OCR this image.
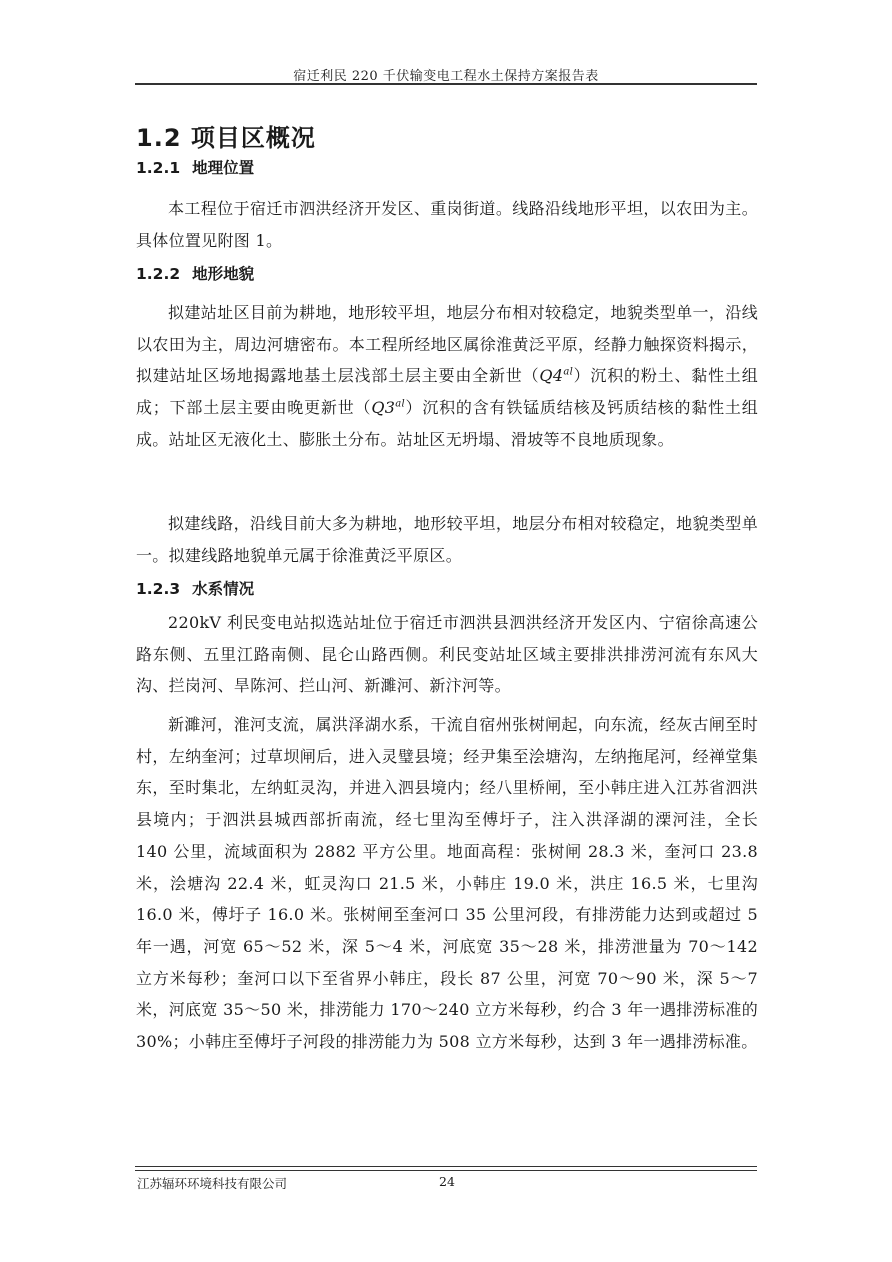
宿迁利民 220 千伏输变电工程水土保持方案报告表
1.2 项目区概况
1.2.1 地理位置
本工程位于宿迁市泗洪经济开发区、重岗街道。线路沿线地形平坦，以农田为主。具体位置见附图 1。
1.2.2 地形地貌
拟建站址区目前为耕地，地形较平坦，地层分布相对较稳定，地貌类型单一，沿线以农田为主，周边河塘密布。本工程所经地区属徐淮黄泛平原，经静力触探资料揭示，拟建站址区场地揭露地基土层浅部土层主要由全新世$(Q4^{al})$沉积的粉土、黏性土组成；下部土层主要由晚更新世$(Q3^{al})$沉积的含有铁锰质结核及钙质结核的黏性土组成。站址区无液化土、膨胀土分布。站址区无坍塌、滑坡等不良地质现象。
拟建线路，沿线目前大多为耕地，地形较平坦，地层分布相对较稳定，地貌类型单一。拟建线路地貌单元属于徐淮黄泛平原区。
1.2.3 水系情况
220kV 利民变电站拟选站址位于宿迁市泗洪县泗洪经济开发区内、宁宿徐高速公路东侧、五里江路南侧、昆仑山路西侧。利民变站址区域主要排洪排涝河流有东风大沟、拦岗河、旱陈河、拦山河、新濉河、新汴河等。
新濉河，淮河支流，属洪泽湖水系，干流自宿州张树闸起，向东流，经灰古闸至时村，左纳奎河；过草坝闸后，进入灵璧县境；经尹集至浍塘沟，左纳拖尾河，经禅堂集东，至时集北，左纳虹灵沟，并进入泗县境内；经八里桥闸，至小韩庄进入江苏省泗洪县境内；于泗洪县城西部折南流，经七里沟至傅圩子，注入洪泽湖的溧河洼，全长 140 公里，流域面积为 2882 平方公里。地面高程：张树闸 28.3 米，奎河口 23.8 米，浍塘沟 22.4 米，虹灵沟口 21.5 米，小韩庄 19.0 米，洪庄 16.5 米，七里沟 16.0 米，傅圩子 16.0 米。张树闸至奎河口 35 公里河段，有排涝能力达到或超过 5 年一遇，河宽 65～52 米，深 5～4 米，河底宽 35～28 米，排涝泄量为 70～142 立方米每秒；奎河口以下至省界小韩庄，段长 87 公里，河宽 70～90 米，深 5～7 米，河底宽 35～50 米，排涝能力 170～240 立方米每秒，约合 3 年一遇排涝标准的 30%；小韩庄至傅圩子河段的排涝能力为 508 立方米每秒，达到 3 年一遇排涝标准。
江苏辐环环境科技有限公司	24
